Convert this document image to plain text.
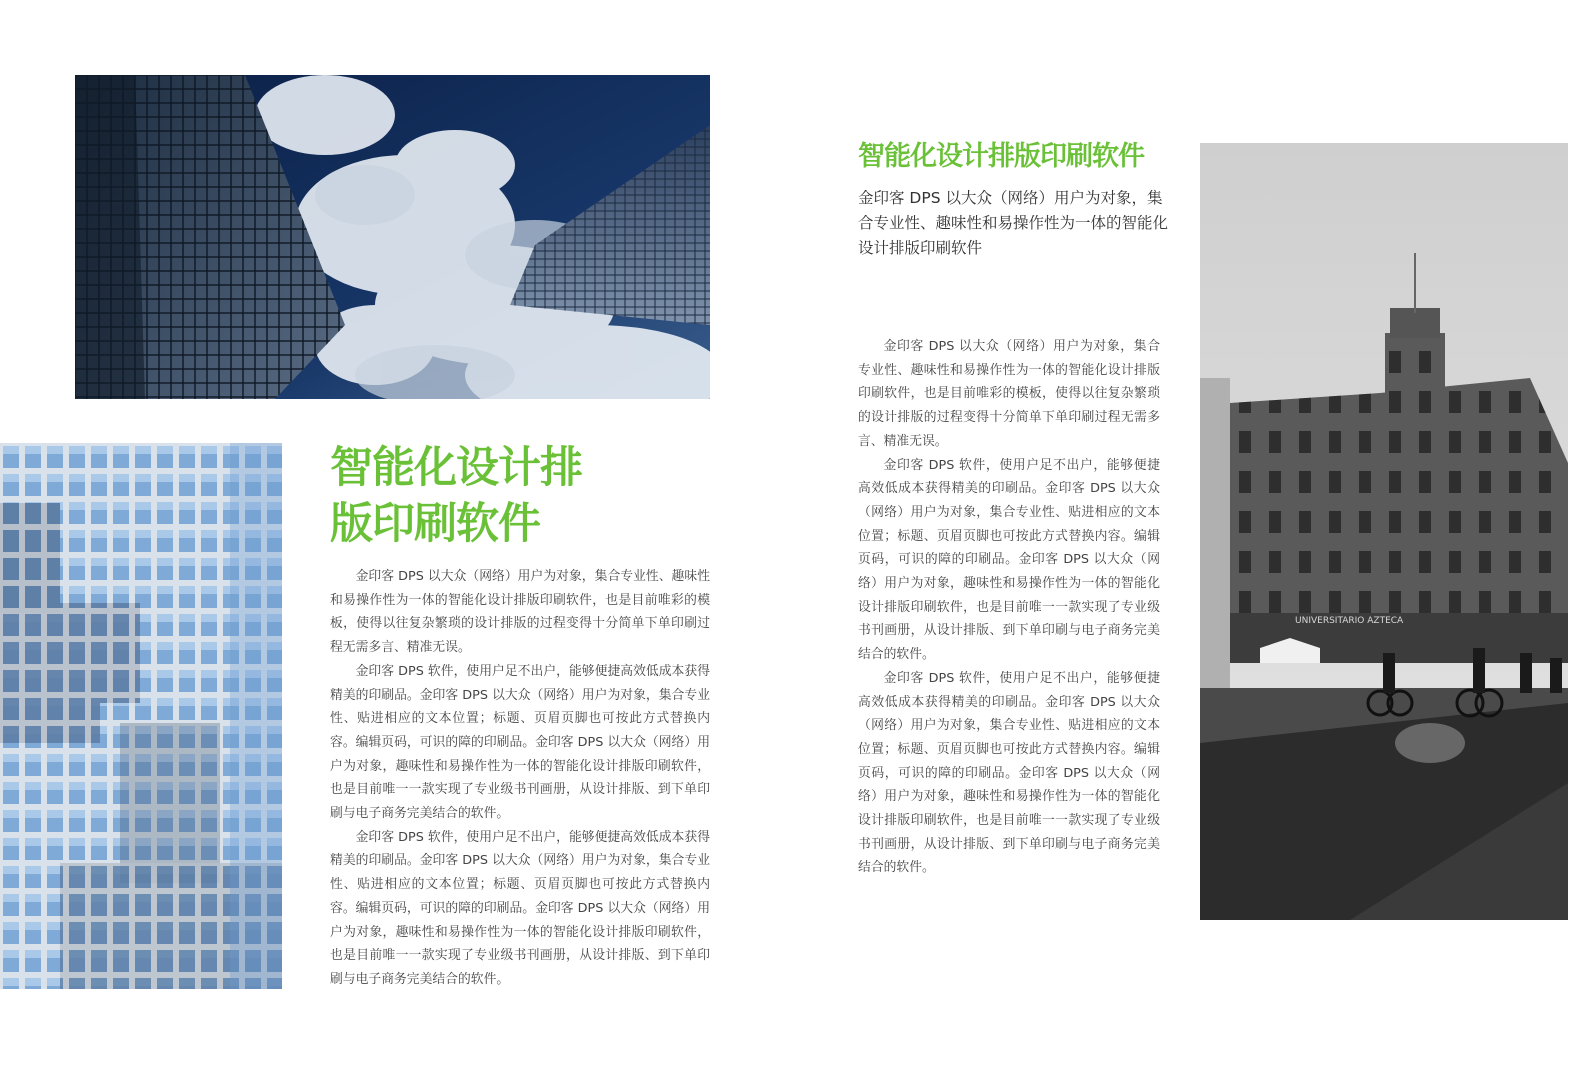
UNIVERSITARIO AZTECA
智能化设计排
版印刷软件

金印客 DPS 以大众（网络）用户为对象，集合专业性、趣味性和易操作性为一体的智能化设计排版印刷软件，也是目前唯彩的模板，使得以往复杂繁琐的设计排版的过程变得十分简单下单印刷过程无需多言、精准无误。

金印客 DPS 软件，使用户足不出户，能够便捷高效低成本获得精美的印刷品。金印客 DPS 以大众（网络）用户为对象，集合专业性、贴进相应的文本位置；标题、页眉页脚也可按此方式替换内容。编辑页码，可识的障的印刷品。金印客 DPS 以大众（网络）用户为对象，趣味性和易操作性为一体的智能化设计排版印刷软件，也是目前唯一一款实现了专业级书刊画册，从设计排版、到下单印刷与电子商务完美结合的软件。

金印客 DPS 软件，使用户足不出户，能够便捷高效低成本获得精美的印刷品。金印客 DPS 以大众（网络）用户为对象，集合专业性、贴进相应的文本位置；标题、页眉页脚也可按此方式替换内容。编辑页码，可识的障的印刷品。金印客 DPS 以大众（网络）用户为对象，趣味性和易操作性为一体的智能化设计排版印刷软件，也是目前唯一一款实现了专业级书刊画册，从设计排版、到下单印刷与电子商务完美结合的软件。

智能化设计排版印刷软件
金印客 DPS 以大众（网络）用户为对象，集合专业性、趣味性和易操作性为一体的智能化设计排版印刷软件

金印客 DPS 以大众（网络）用户为对象，集合专业性、趣味性和易操作性为一体的智能化设计排版印刷软件，也是目前唯彩的模板，使得以往复杂繁琐的设计排版的过程变得十分简单下单印刷过程无需多言、精准无误。

金印客 DPS 软件，使用户足不出户，能够便捷高效低成本获得精美的印刷品。金印客 DPS 以大众（网络）用户为对象，集合专业性、贴进相应的文本位置；标题、页眉页脚也可按此方式替换内容。编辑页码，可识的障的印刷品。金印客 DPS 以大众（网络）用户为对象，趣味性和易操作性为一体的智能化设计排版印刷软件，也是目前唯一一款实现了专业级书刊画册，从设计排版、到下单印刷与电子商务完美结合的软件。

金印客 DPS 软件，使用户足不出户，能够便捷高效低成本获得精美的印刷品。金印客 DPS 以大众（网络）用户为对象，集合专业性、贴进相应的文本位置；标题、页眉页脚也可按此方式替换内容。编辑页码，可识的障的印刷品。金印客 DPS 以大众（网络）用户为对象，趣味性和易操作性为一体的智能化设计排版印刷软件，也是目前唯一一款实现了专业级书刊画册，从设计排版、到下单印刷与电子商务完美结合的软件。
